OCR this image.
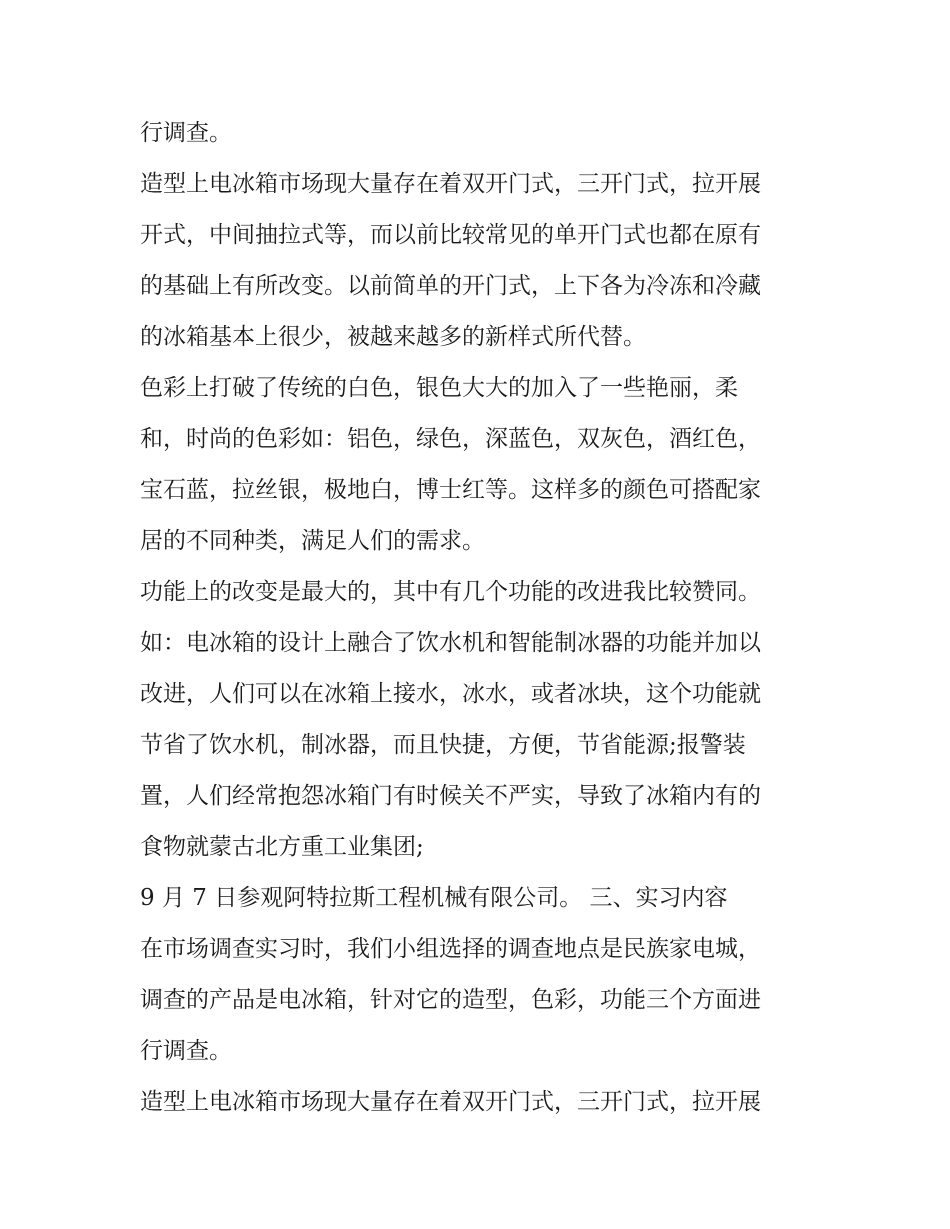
行调查。
造型上电冰箱市场现大量存在着双开门式，三开门式，拉开展
开式，中间抽拉式等，而以前比较常见的单开门式也都在原有
的基础上有所改变。以前简单的开门式，上下各为冷冻和冷藏
的冰箱基本上很少，被越来越多的新样式所代替。
色彩上打破了传统的白色，银色大大的加入了一些艳丽，柔
和，时尚的色彩如：铝色，绿色，深蓝色，双灰色，酒红色，
宝石蓝，拉丝银，极地白，博士红等。这样多的颜色可搭配家
居的不同种类，满足人们的需求。
功能上的改变是最大的，其中有几个功能的改进我比较赞同。
如：电冰箱的设计上融合了饮水机和智能制冰器的功能并加以
改进，人们可以在冰箱上接水，冰水，或者冰块，这个功能就
节省了饮水机，制冰器，而且快捷，方便，节省能源;报警装
置，人们经常抱怨冰箱门有时候关不严实，导致了冰箱内有的
食物就蒙古北方重工业集团;
9 月 7 日参观阿特拉斯工程机械有限公司。 三、实习内容
在市场调查实习时，我们小组选择的调查地点是民族家电城，
调查的产品是电冰箱，针对它的造型，色彩，功能三个方面进
行调查。
造型上电冰箱市场现大量存在着双开门式，三开门式，拉开展
